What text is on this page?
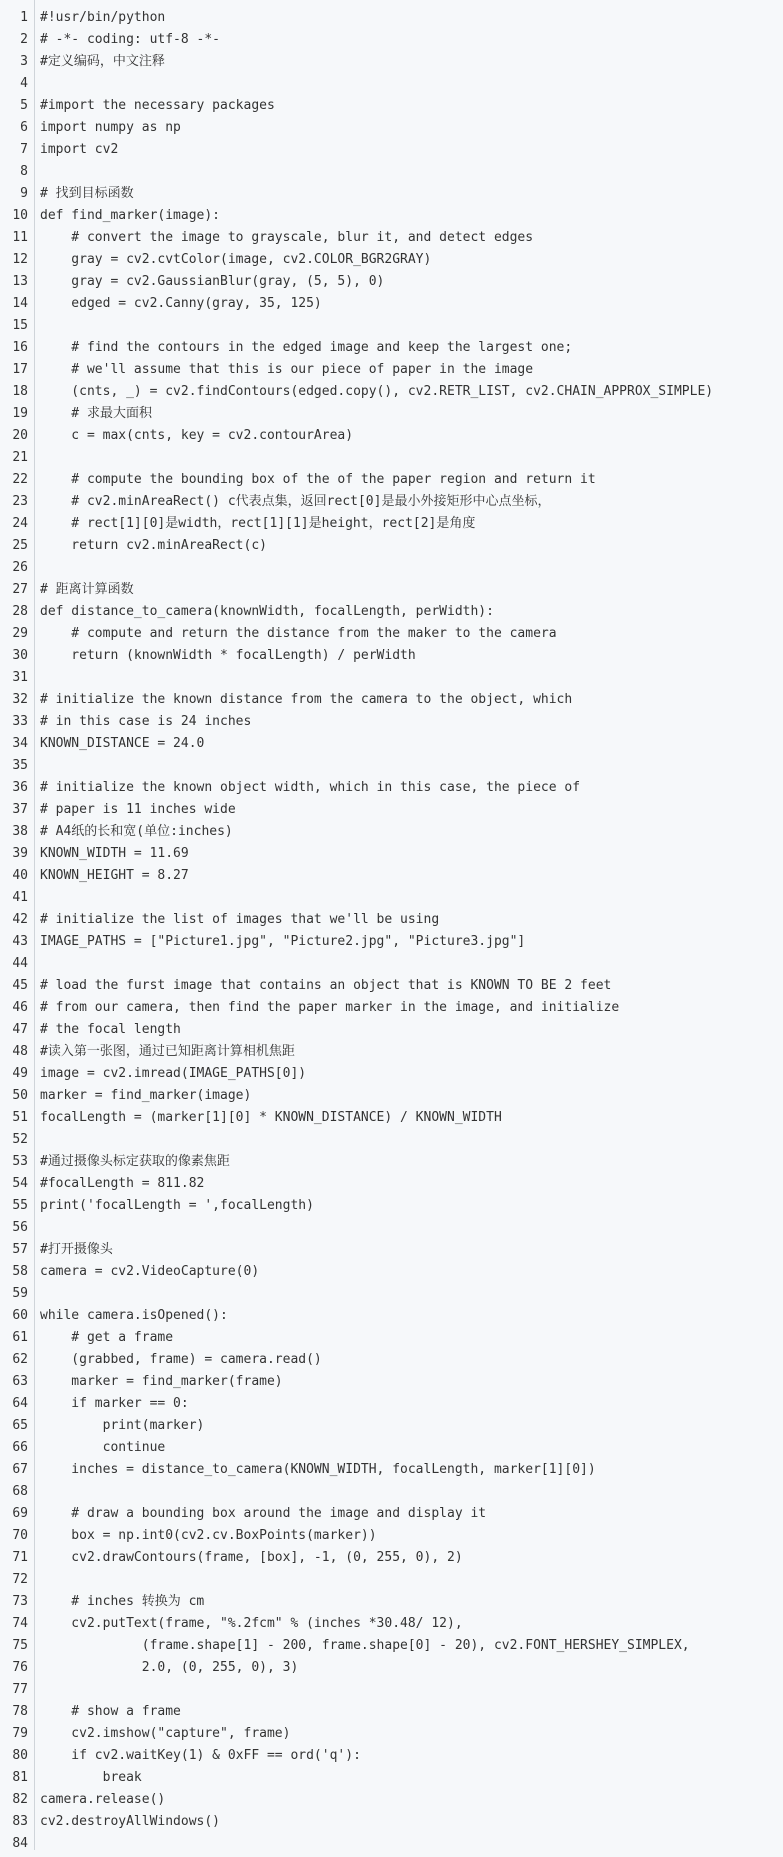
1 #!usr/bin/python
2 # -*- coding: utf-8 -*-
3 #定义编码，中文注释
4
5 #import the necessary packages
6 import numpy as np
7 import cv2
8
9 # 找到目标函数
10 def find_marker(image):
11 # convert the image to grayscale, blur it, and detect edges
12 gray = cv2.cvtColor(image, cv2.COLOR_BGR2GRAY)
13 gray = cv2.GaussianBlur(gray, (5, 5), 0)
14 edged = cv2.Canny(gray, 35, 125)
15
16 # find the contours in the edged image and keep the largest one;
17 # we'll assume that this is our piece of paper in the image
18 (cnts, _) = cv2.findContours(edged.copy(), cv2.RETR_LIST, cv2.CHAIN_APPROX_SIMPLE)
19 # 求最大面积
20 c = max(cnts, key = cv2.contourArea)
21
22 # compute the bounding box of the of the paper region and return it
23 # cv2.minAreaRect() c代表点集，返回rect[0]是最小外接矩形中心点坐标，
24 # rect[1][0]是width，rect[1][1]是height，rect[2]是角度
25 return cv2.minAreaRect(c)
26
27 # 距离计算函数
28 def distance_to_camera(knownWidth, focalLength, perWidth):
29 # compute and return the distance from the maker to the camera
30 return (knownWidth * focalLength) / perWidth
31
32 # initialize the known distance from the camera to the object, which
33 # in this case is 24 inches
34 KNOWN_DISTANCE = 24.0
35
36 # initialize the known object width, which in this case, the piece of
37 # paper is 11 inches wide
38 # A4纸的长和宽(单位:inches)
39 KNOWN_WIDTH = 11.69
40 KNOWN_HEIGHT = 8.27
41
42 # initialize the list of images that we'll be using
43 IMAGE_PATHS = ["Picture1.jpg", "Picture2.jpg", "Picture3.jpg"]
44
45 # load the furst image that contains an object that is KNOWN TO BE 2 feet
46 # from our camera, then find the paper marker in the image, and initialize
47 # the focal length
48 #读入第一张图，通过已知距离计算相机焦距
49 image = cv2.imread(IMAGE_PATHS[0])
50 marker = find_marker(image)
51 focalLength = (marker[1][0] * KNOWN_DISTANCE) / KNOWN_WIDTH
52
53 #通过摄像头标定获取的像素焦距
54 #focalLength = 811.82
55 print('focalLength = ',focalLength)
56
57 #打开摄像头
58 camera = cv2.VideoCapture(0)
59
60 while camera.isOpened():
61 # get a frame
62 (grabbed, frame) = camera.read()
63 marker = find_marker(frame)
64 if marker == 0:
65 print(marker)
66 continue
67 inches = distance_to_camera(KNOWN_WIDTH, focalLength, marker[1][0])
68
69 # draw a bounding box around the image and display it
70 box = np.int0(cv2.cv.BoxPoints(marker))
71 cv2.drawContours(frame, [box], -1, (0, 255, 0), 2)
72
73 # inches 转换为 cm
74 cv2.putText(frame, "%.2fcm" % (inches *30.48/ 12),
75 (frame.shape[1] - 200, frame.shape[0] - 20), cv2.FONT_HERSHEY_SIMPLEX,
76 2.0, (0, 255, 0), 3)
77
78 # show a frame
79 cv2.imshow("capture", frame)
80 if cv2.waitKey(1) & 0xFF == ord('q'):
81 break
82 camera.release()
83 cv2.destroyAllWindows()
84
